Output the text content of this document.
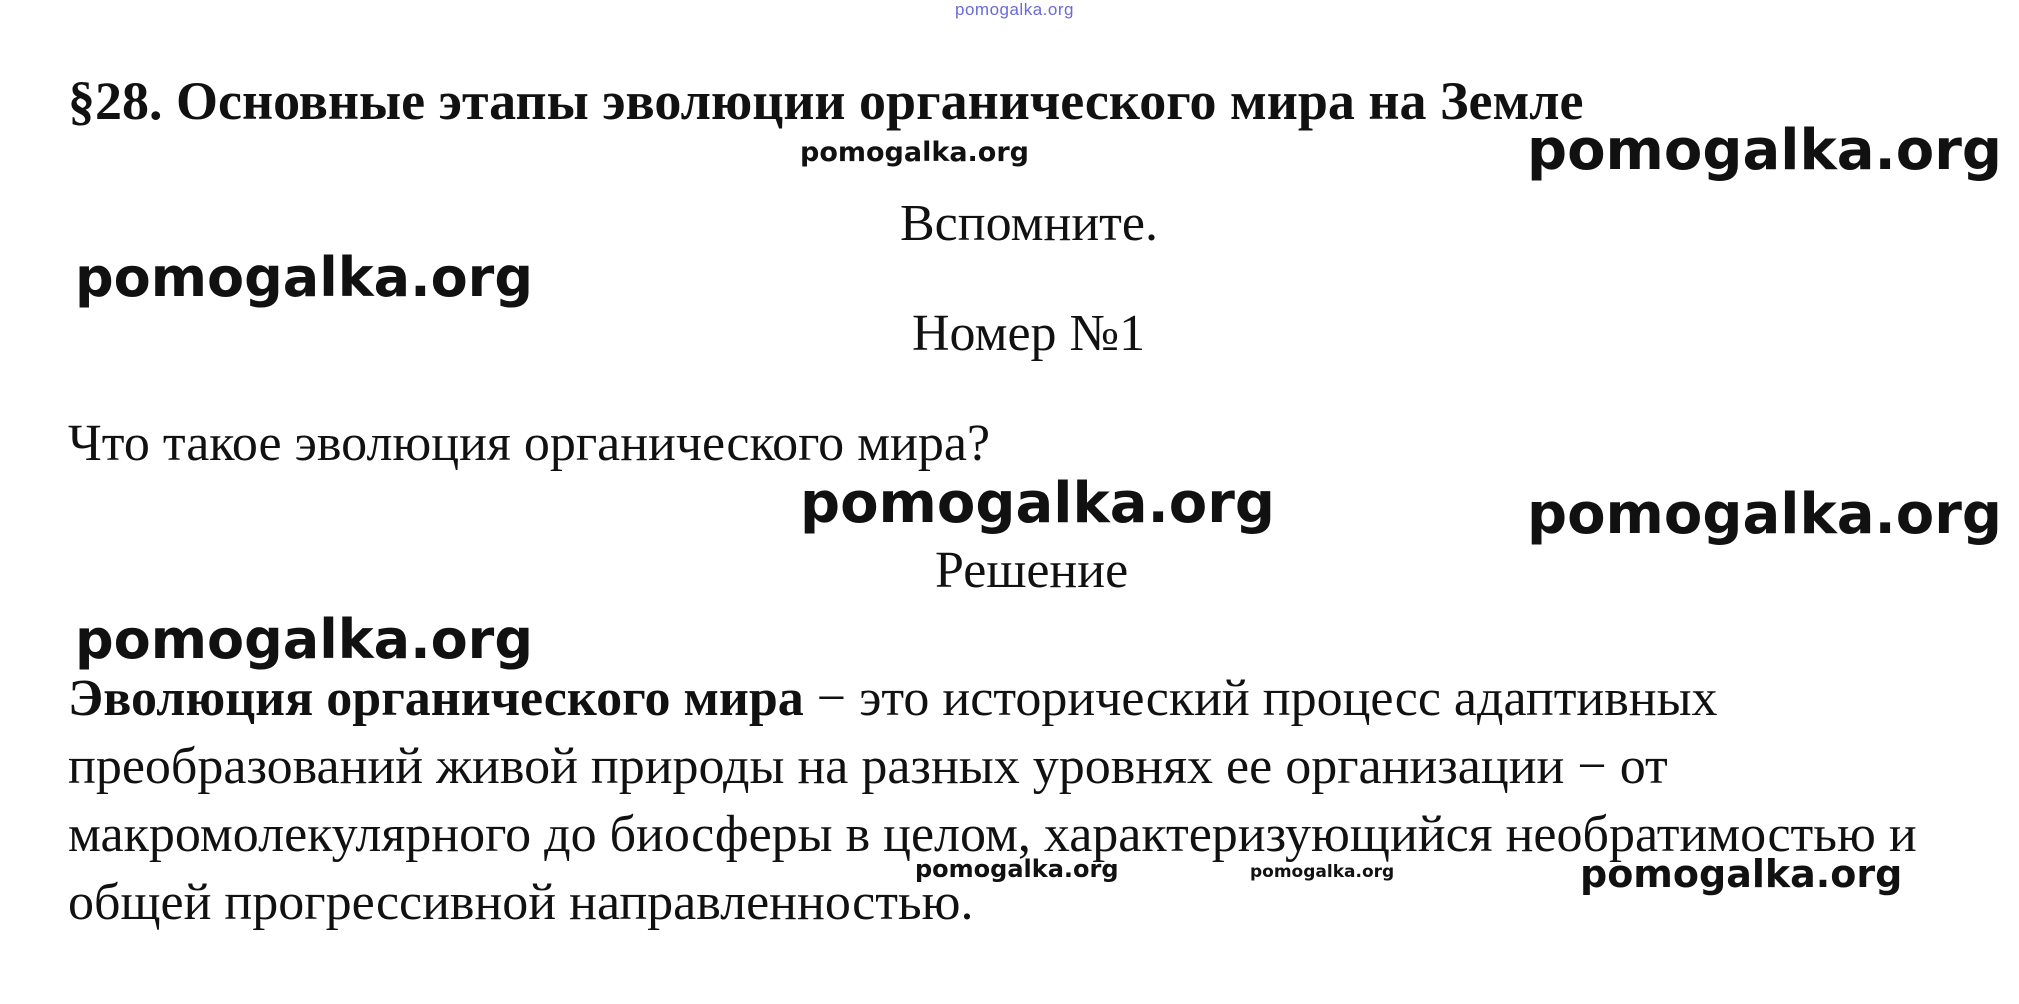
pomogalka.org
§28. Основные этапы эволюции органического мира на Земле
Вспомните.
Номер №1
Что такое эволюция органического мира?
Решение

Эволюция органического мира − это исторический процесс адаптивных преобразований живой природы на разных уровнях ее организации − от макромолекулярного до биосферы в целом, характеризующийся необратимостью и общей прогрессивной направленностью.

pomogalka.org	pomogalka.org
pomogalka.org
pomogalka.org	pomogalka.org
pomogalka.org
pomogalka.org	pomogalka.org	pomogalka.org
